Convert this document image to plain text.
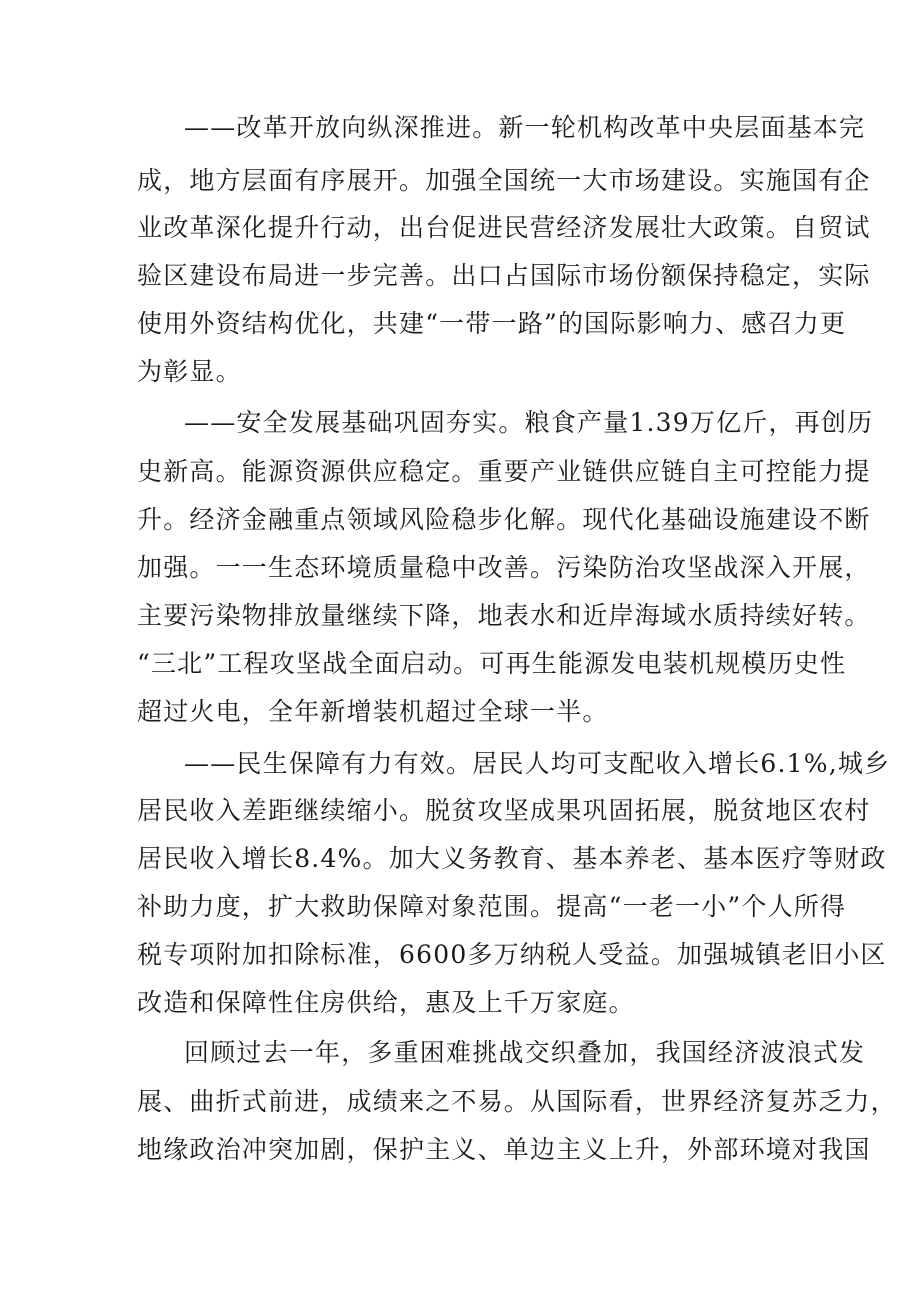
——改革开放向纵深推进。新一轮机构改革中央层面基本完
成，地方层面有序展开。加强全国统一大市场建设。实施国有企
业改革深化提升行动，出台促进民营经济发展壮大政策。自贸试
验区建设布局进一步完善。出口占国际市场份额保持稳定，实际
使用外资结构优化，共建“一带一路”的国际影响力、感召力更
为彰显。
——安全发展基础巩固夯实。粮食产量1.39万亿斤，再创历
史新高。能源资源供应稳定。重要产业链供应链自主可控能力提
升。经济金融重点领域风险稳步化解。现代化基础设施建设不断
加强。一一生态环境质量稳中改善。污染防治攻坚战深入开展，
主要污染物排放量继续下降，地表水和近岸海域水质持续好转。
“三北”工程攻坚战全面启动。可再生能源发电装机规模历史性
超过火电，全年新增装机超过全球一半。
——民生保障有力有效。居民人均可支配收入增长6.1%,城乡
居民收入差距继续缩小。脱贫攻坚成果巩固拓展，脱贫地区农村
居民收入增长8.4%。加大义务教育、基本养老、基本医疗等财政
补助力度，扩大救助保障对象范围。提高“一老一小”个人所得
税专项附加扣除标准，6600多万纳税人受益。加强城镇老旧小区
改造和保障性住房供给，惠及上千万家庭。
回顾过去一年，多重困难挑战交织叠加，我国经济波浪式发
展、曲折式前进，成绩来之不易。从国际看，世界经济复苏乏力，
地缘政治冲突加剧，保护主义、单边主义上升，外部环境对我国
